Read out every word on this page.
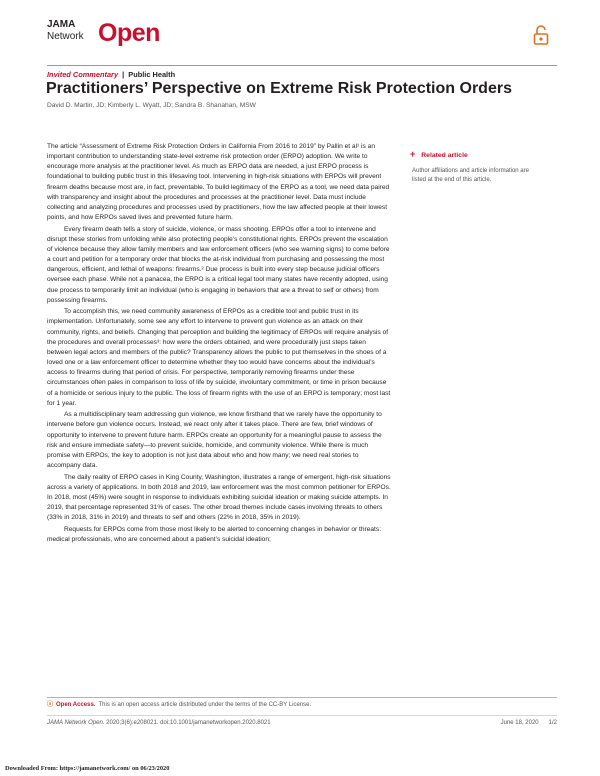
JAMA
Network Open
Invited Commentary | Public Health
Practitioners’ Perspective on Extreme Risk Protection Orders
David D. Martin, JD; Kimberly L. Wyatt, JD; Sandra B. Shanahan, MSW

The article “Assessment of Extreme Risk Protection Orders in California From 2016 to 2019” by Pallin et al¹ is an important contribution to understanding state-level extreme risk protection order (ERPO) adoption. We write to encourage more analysis at the practitioner level. As much as ERPO data are needed, a just ERPO process is foundational to building public trust in this lifesaving tool. Intervening in high-risk situations with ERPOs will prevent firearm deaths because most are, in fact, preventable. To build legitimacy of the ERPO as a tool, we need data paired with transparency and insight about the procedures and processes at the practitioner level. Data must include collecting and analyzing procedures and processes used by practitioners, how the law affected people at their lowest points, and how ERPOs saved lives and prevented future harm.

Every firearm death tells a story of suicide, violence, or mass shooting. ERPOs offer a tool to intervene and disrupt these stories from unfolding while also protecting people’s constitutional rights. ERPOs prevent the escalation of violence because they allow family members and law enforcement officers (who see warning signs) to come before a court and petition for a temporary order that blocks the at-risk individual from purchasing and possessing the most dangerous, efficient, and lethal of weapons: firearms.² Due process is built into every step because judicial officers oversee each phase. While not a panacea, the ERPO is a critical legal tool many states have recently adopted, using due process to temporarily limit an individual (who is engaging in behaviors that are a threat to self or others) from possessing firearms.

To accomplish this, we need community awareness of ERPOs as a credible tool and public trust in its implementation. Unfortunately, some see any effort to intervene to prevent gun violence as an attack on their community, rights, and beliefs. Changing that perception and building the legitimacy of ERPOs will require analysis of the procedures and overall processes³: how were the orders obtained, and were procedurally just steps taken between legal actors and members of the public? Transparency allows the public to put themselves in the shoes of a loved one or a law enforcement officer to determine whether they too would have concerns about the individual’s access to firearms during that period of crisis. For perspective, temporarily removing firearms under these circumstances often pales in comparison to loss of life by suicide, involuntary commitment, or time in prison because of a homicide or serious injury to the public. The loss of firearm rights with the use of an ERPO is temporary; most last for 1 year.

As a multidisciplinary team addressing gun violence, we know firsthand that we rarely have the opportunity to intervene before gun violence occurs. Instead, we react only after it takes place. There are few, brief windows of opportunity to intervene to prevent future harm. ERPOs create an opportunity for a meaningful pause to assess the risk and ensure immediate safety—to prevent suicide, homicide, and community violence. While there is much promise with ERPOs, the key to adoption is not just data about who and how many; we need real stories to accompany data.

The daily reality of ERPO cases in King County, Washington, illustrates a range of emergent, high-risk situations across a variety of applications. In both 2018 and 2019, law enforcement was the most common petitioner for ERPOs. In 2018, most (45%) were sought in response to individuals exhibiting suicidal ideation or making suicide attempts. In 2019, that percentage represented 31% of cases. The other broad themes include cases involving threats to others (33% in 2018, 31% in 2019) and threats to self and others (22% in 2018, 35% in 2019).

Requests for ERPOs come from those most likely to be alerted to concerning changes in behavior or threats: medical professionals, who are concerned about a patient’s suicidal ideation;

+ Related article
Author affiliations and article information are listed at the end of this article.
ⓐ Open Access. This is an open access article distributed under the terms of the CC-BY License.
JAMA Network Open. 2020;3(6):e208021. doi:10.1001/jamanetworkopen.2020.8021	June 18, 2020 1/2
Downloaded From: https://jamanetwork.com/ on 06/23/2020
